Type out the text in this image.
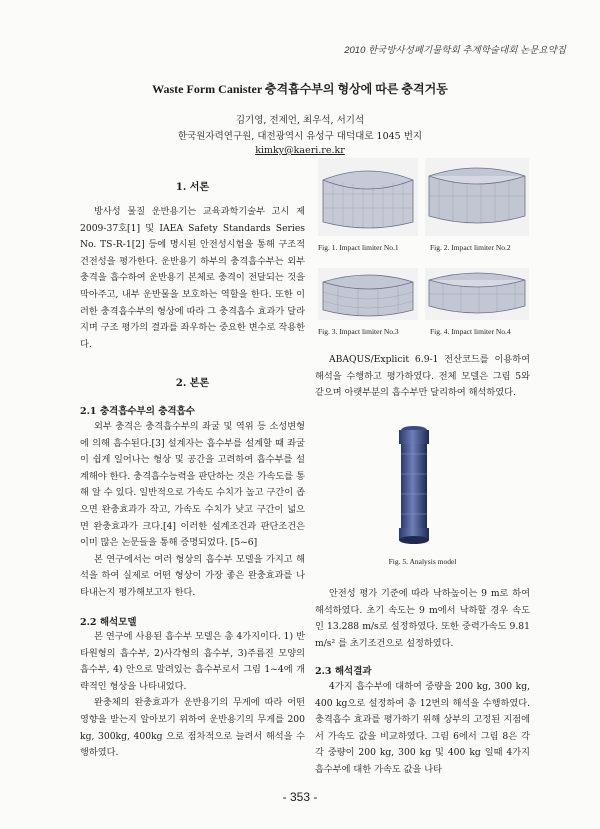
2010 한국방사성폐기물학회 추계학술대회 논문요약집
Waste Form Canister 충격흡수부의 형상에 따른 충격거동
김기영, 전제언, 최우석, 서기석
한국원자력연구원, 대전광역시 유성구 대덕대로 1045 번지
kimky@kaeri.re.kr
1. 서론

방사성 물질 운반용기는 교육과학기술부 고시 제2009-37호[1] 및 IAEA Safety Standards Series No. TS-R-1[2] 등에 명시된 안전성시험을 통해 구조적 건전성을 평가한다. 운반용기 하부의 충격흡수부는 외부 충격을 흡수하여 운반용기 본체로 충격이 전달되는 것을 막아주고, 내부 운반물을 보호하는 역할을 한다. 또한 이러한 충격흡수부의 형상에 따라 그 충격흡수 효과가 달라지며 구조 평가의 결과를 좌우하는 중요한 변수로 작용한다.

2. 본론
2.1 충격흡수부의 충격흡수

외부 충격은 충격흡수부의 좌굴 및 역위 등 소성변형에 의해 흡수된다.[3] 설계자는 흡수부를 설계할 때 좌굴이 쉽게 일어나는 형상 및 공간을 고려하여 흡수부를 설계해야 한다. 충격흡수능력을 판단하는 것은 가속도를 통해 알 수 있다. 일반적으로 가속도 수치가 높고 구간이 좁으면 완충효과가 작고, 가속도 수치가 낮고 구간이 넓으면 완충효과가 크다.[4] 이러한 설계조건과 판단조건은 이미 많은 논문들을 통해 증명되었다. [5~6]

본 연구에서는 여러 형상의 흡수부 모델을 가지고 해석을 하여 실제로 어떤 형상이 가장 좋은 완충효과를 나타내는지 평가해보고자 한다.

2.2 해석모델

본 연구에 사용된 흡수부 모델은 총 4가지이다. 1) 반타원형의 흡수부, 2)사각형의 흡수부, 3)주름진 모양의 흡수부, 4) 안으로 말려있는 흡수부로서 그림 1~4에 개략적인 형상을 나타내었다.

완충체의 완충효과가 운반용기의 무게에 따라 어떤 영향을 받는지 알아보기 위하여 운반용기의 무게를 200 kg, 300kg, 400kg 으로 점차적으로 늘려서 해석을 수행하였다.

Fig. 1. Impact limiter No.1	Fig. 2. Impact limiter No.2
Fig. 3. Impact limiter No.3	Fig. 4. Impact limiter No.4

ABAQUS/Explicit 6.9-1 전산코드를 이용하여 해석을 수행하고 평가하였다. 전체 모델은 그림 5와 같으며 아랫부분의 흡수부만 달리하여 해석하였다.

Fig. 5. Analysis model

안전성 평가 기준에 따라 낙하높이는 9 m로 하여 해석하였다. 초기 속도는 9 m에서 낙하할 경우 속도인 13.288 m/s로 설정하였다. 또한 중력가속도 9.81 m/s² 를 초기조건으로 설정하였다.

2.3 해석결과

4가지 흡수부에 대하여 중량을 200 kg, 300 kg, 400 kg으로 설정하여 총 12번의 해석을 수행하였다. 충격흡수 효과를 평가하기 위해 상부의 고정된 지점에서 가속도 값을 비교하였다. 그림 6에서 그림 8은 각각 중량이 200 kg, 300 kg 및 400 kg 일때 4가지 흡수부에 대한 가속도 값을 나타

- 353 -
